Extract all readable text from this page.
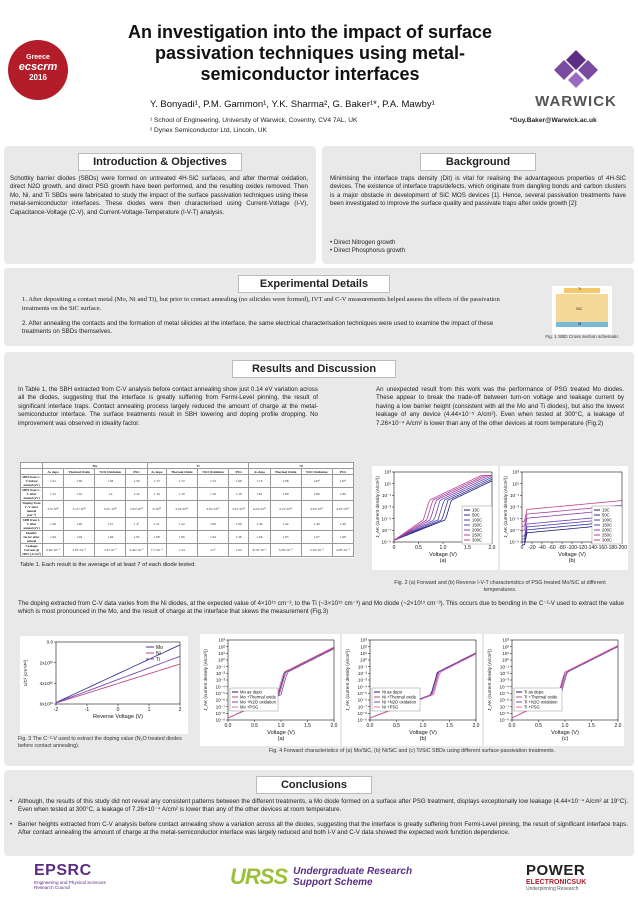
Greece
ecscrm
2016
An investigation into the impact of surface
passivation techniques using metal-
semiconductor interfaces
Y. Bonyadi¹, P.M. Gammon¹, Y.K. Sharma², G. Baker¹*, P.A. Mawby¹
¹ School of Engineering, University of Warwick, Coventry, CV4 7AL, UK
² Dynex Semiconductor Ltd, Lincoln, UK
*Guy.Baker@Warwick.ac.uk
WARWICK
Introduction & Objectives
Schottky barrier diodes (SBDs) were formed on untreated 4H-SiC surfaces, and after thermal oxidation, direct N2O growth, and direct PSG growth have been performed, and the resulting oxides removed. Then Mo, Ni, and Ti SBDs were fabricated to study the impact of the surface passivation techniques using these metal-semiconductor interfaces. These diodes were then characterised using Current-Voltage (I-V), Capacitance-Voltage (C-V), and Current-Voltage-Temperature (I-V-T) analysis.
Background
Minimising the interface traps density (Dit) is vital for realising the advantageous properties of 4H-SiC devices. The existence of interface traps/defects, which originate from dangling bonds and carbon clusters is a major obstacle in development of SiC MOS devices [1]. Hence, several passivation treatments have been investigated to improve the surface quality and passivate traps after oxide growth [2]:
• Direct Nitrogen growth
• Direct Phosphorus growth
Experimental Details
1. After depositing a contact metal (Mo, Ni and Ti), but prior to contact annealing (no silicides were formed), IVT and C-V measurements helped assess the effects of the passivation treatments on the SiC surface.
2. After annealing the contacts and the formation of metal silicides at the interface, the same electrical characterisation techniques were used to examine the impact of these treatments on SBDs themselves.
Ti
SiC
Ni
Fig. 1 SBD Cross section schematic
Results and Discussion
In Table 1, the SBH extracted from C-V analysis before contact annealing show just 0.14 eV variation across all the diodes, suggesting that the interface is greatly suffering from Fermi-Level pinning, the result of significant interface traps. Contact annealing process largely reduced the amount of charge at the metal-semiconductor interface. The surface treatments result in SBH lowering and doping profile dropping. No improvement was observed in ideality factor.
An unexpected result from this work was the performance of PSG treated Mo diodes. These appear to break the trade-off between turn-on voltage and leakage current by having a low barrier height (consistent with all the Mo and Ti diodes), but also the lowest leakage of any device (4.44×10⁻⁵ A/cm²). Even when tested at 300°C, a leakage of 7.26×10⁻⁴ A/cm² is lower than any of the other devices at room temperature (Fig.2)
	Mo				Ti				Ni			
	As depo	Thermal Oxide	N2O Oxidation	PSG	As depo	Thermal Oxide	N2O Oxidation	PSG	As depo	Thermal Oxide	N2O Oxidation	PSG
SBH from C-V before anneal (eV)	1.61	1.59	1.58	1.59	1.73	1.72	1.74	1.69	1.73	1.68	1.67¹	1.67¹
SBH from C-V after anneal (eV)	1.15	1.16	1.2	1.14	1.19	1.19	1.19	1.19	1.81	1.80	1.80	1.80
Doping from C-V after anneal (cm⁻³)	3.3×10¹⁵	3.17×10¹⁵	3.21×10¹⁵	3.32×10¹⁵	3×10¹⁵	3.19×10¹⁵	3.91×10¹⁵	3.23×10¹⁵	4.24×10¹⁵	4.13×10¹⁵	4.33×10¹⁵	4.07×10¹⁵
SBH from I-V after anneal (eV)	1.20	1.20	1.27	1.2¹	1.21	1.22	1.06	1.09	1.40	1.42	1.40	1.40
Ideality factor after anneal	1.04	1.04	1.04	1.05	1.08	1.06	1.34	1.36	1.06	1.05	1.07	1.08
Leakage Current @ 100V (A/cm²)	6.64×10⁻³	3.07×10⁻³	2.6×10⁻³	4.44×10⁻⁵	7.7×10⁻³	1.54	2.7¹	1.02	8.79×10⁻³	3.29×10⁻³	5.54×10⁻³	4.78×10⁻³
Table 1. Each result is the average of at least 7 of each diode tested.
0	0.5	1.0	1.5	2.0
10³
10¹
10⁻¹
10⁻³
10⁻⁵
10⁻⁷
10⁻⁹
Voltage (V)
J_AK (current density (A/cm²))
(a)
19C
50C
100C
150C
200C
250C
300C
0 -20 -40 -60 -80 -100 -120 -140 -160 -180 -200
10³
10¹
10⁻¹
10⁻³
10⁻⁵
10⁻⁷
10⁻⁹
Voltage (V)
J_AK (current density (A/cm²))
(b)
19C
50C
100C
150C
200C
250C
300C
Fig. 2 (a) Forward and (b) Reverse I-V-T characteristics of PSG treated Mo/SiC at different temperatures.
The doping extracted from C-V data varies from the Ni diodes, at the expected value of 4×10¹⁵ cm⁻³, to the Ti (~3×10¹⁵ cm⁻³) and Mo diode (~2×10¹⁵ cm⁻³). This occurs due to bending in the C⁻²-V used to extract the value which is most pronounced in the Mo, and the result of charge at the interface that skews the measurement (Fig.3)
-2	-1	0	1	2
0.0
2x10²⁰
4x10²⁰
6x10²⁰
Reverse Voltage (V)
1/C² (cm⁴/F²)
Mo
Ni
Ti
Fig. 3 The C⁻²-V used to extract the doping value (N₂O treated diodes before contact annealing).
0.0	0.5	1.0	1.5	2.0
10³
10²
10¹
10⁰
10⁻¹
10⁻²
10⁻³
10⁻⁴
10⁻⁵
10⁻⁶
10⁻⁷
10⁻⁸
10⁻⁹
Voltage (V)
J_AK (current density (A/cm²))
(a)
Mo as depo
Mo +Thermal oxide
Mo +N2O oxidation
Mo +PSG
0.0	0.5	1.0	1.5	2.0
10³
10²
10¹
10⁰
10⁻¹
10⁻²
10⁻³
10⁻⁴
10⁻⁵
10⁻⁶
10⁻⁷
10⁻⁸
10⁻⁹
Voltage (V)
J_AK (current density (A/cm²))
(b)
Ni as depo
Ni +Thermal oxide
Ni +N2O oxidation
Ni +PSG
0.0	0.5	1.0	1.5	2.0
10³
10²
10¹
10⁰
10⁻¹
10⁻²
10⁻³
10⁻⁴
10⁻⁵
10⁻⁶
10⁻⁷
10⁻⁸
10⁻⁹
Voltage (V)
J_AK (current density (A/cm²))
(c)
Ti as depo
Ti +Thermal oxide
Ti +N2O oxidation
Ti +PSG
Fig. 4 Forward characteristics of (a) Mo/SiC, (b) Ni/SiC and (c) Ti/SiC SBDs using different surface passivation treatments.
Conclusions
• Although, the results of this study did not reveal any consistent patterns between the different treatments, a Mo diode formed on a surface after PSG treatment, displays exceptionally low leakage (4.44×10⁻⁴ A/cm² at 19°C). Even when tested at 300°C, a leakage of 7.26×10⁻⁴ A/cm² is lower than any of the other devices at room temperature.
• Barrier heights extracted from C-V analysis before contact annealing show a variation across all the diodes, suggesting that the interface is greatly suffering from Fermi-Level pinning, the result of significant interface traps. After contact annealing the amount of charge at the metal-semiconductor interface was largely reduced and both I-V and C-V data showed the expected work function dependence.
EPSRC
Engineering and Physical Sciences
Research Council	URSS Undergraduate Research
Support Scheme
POWER
ELECTRONICSUK
Underpinning Research
